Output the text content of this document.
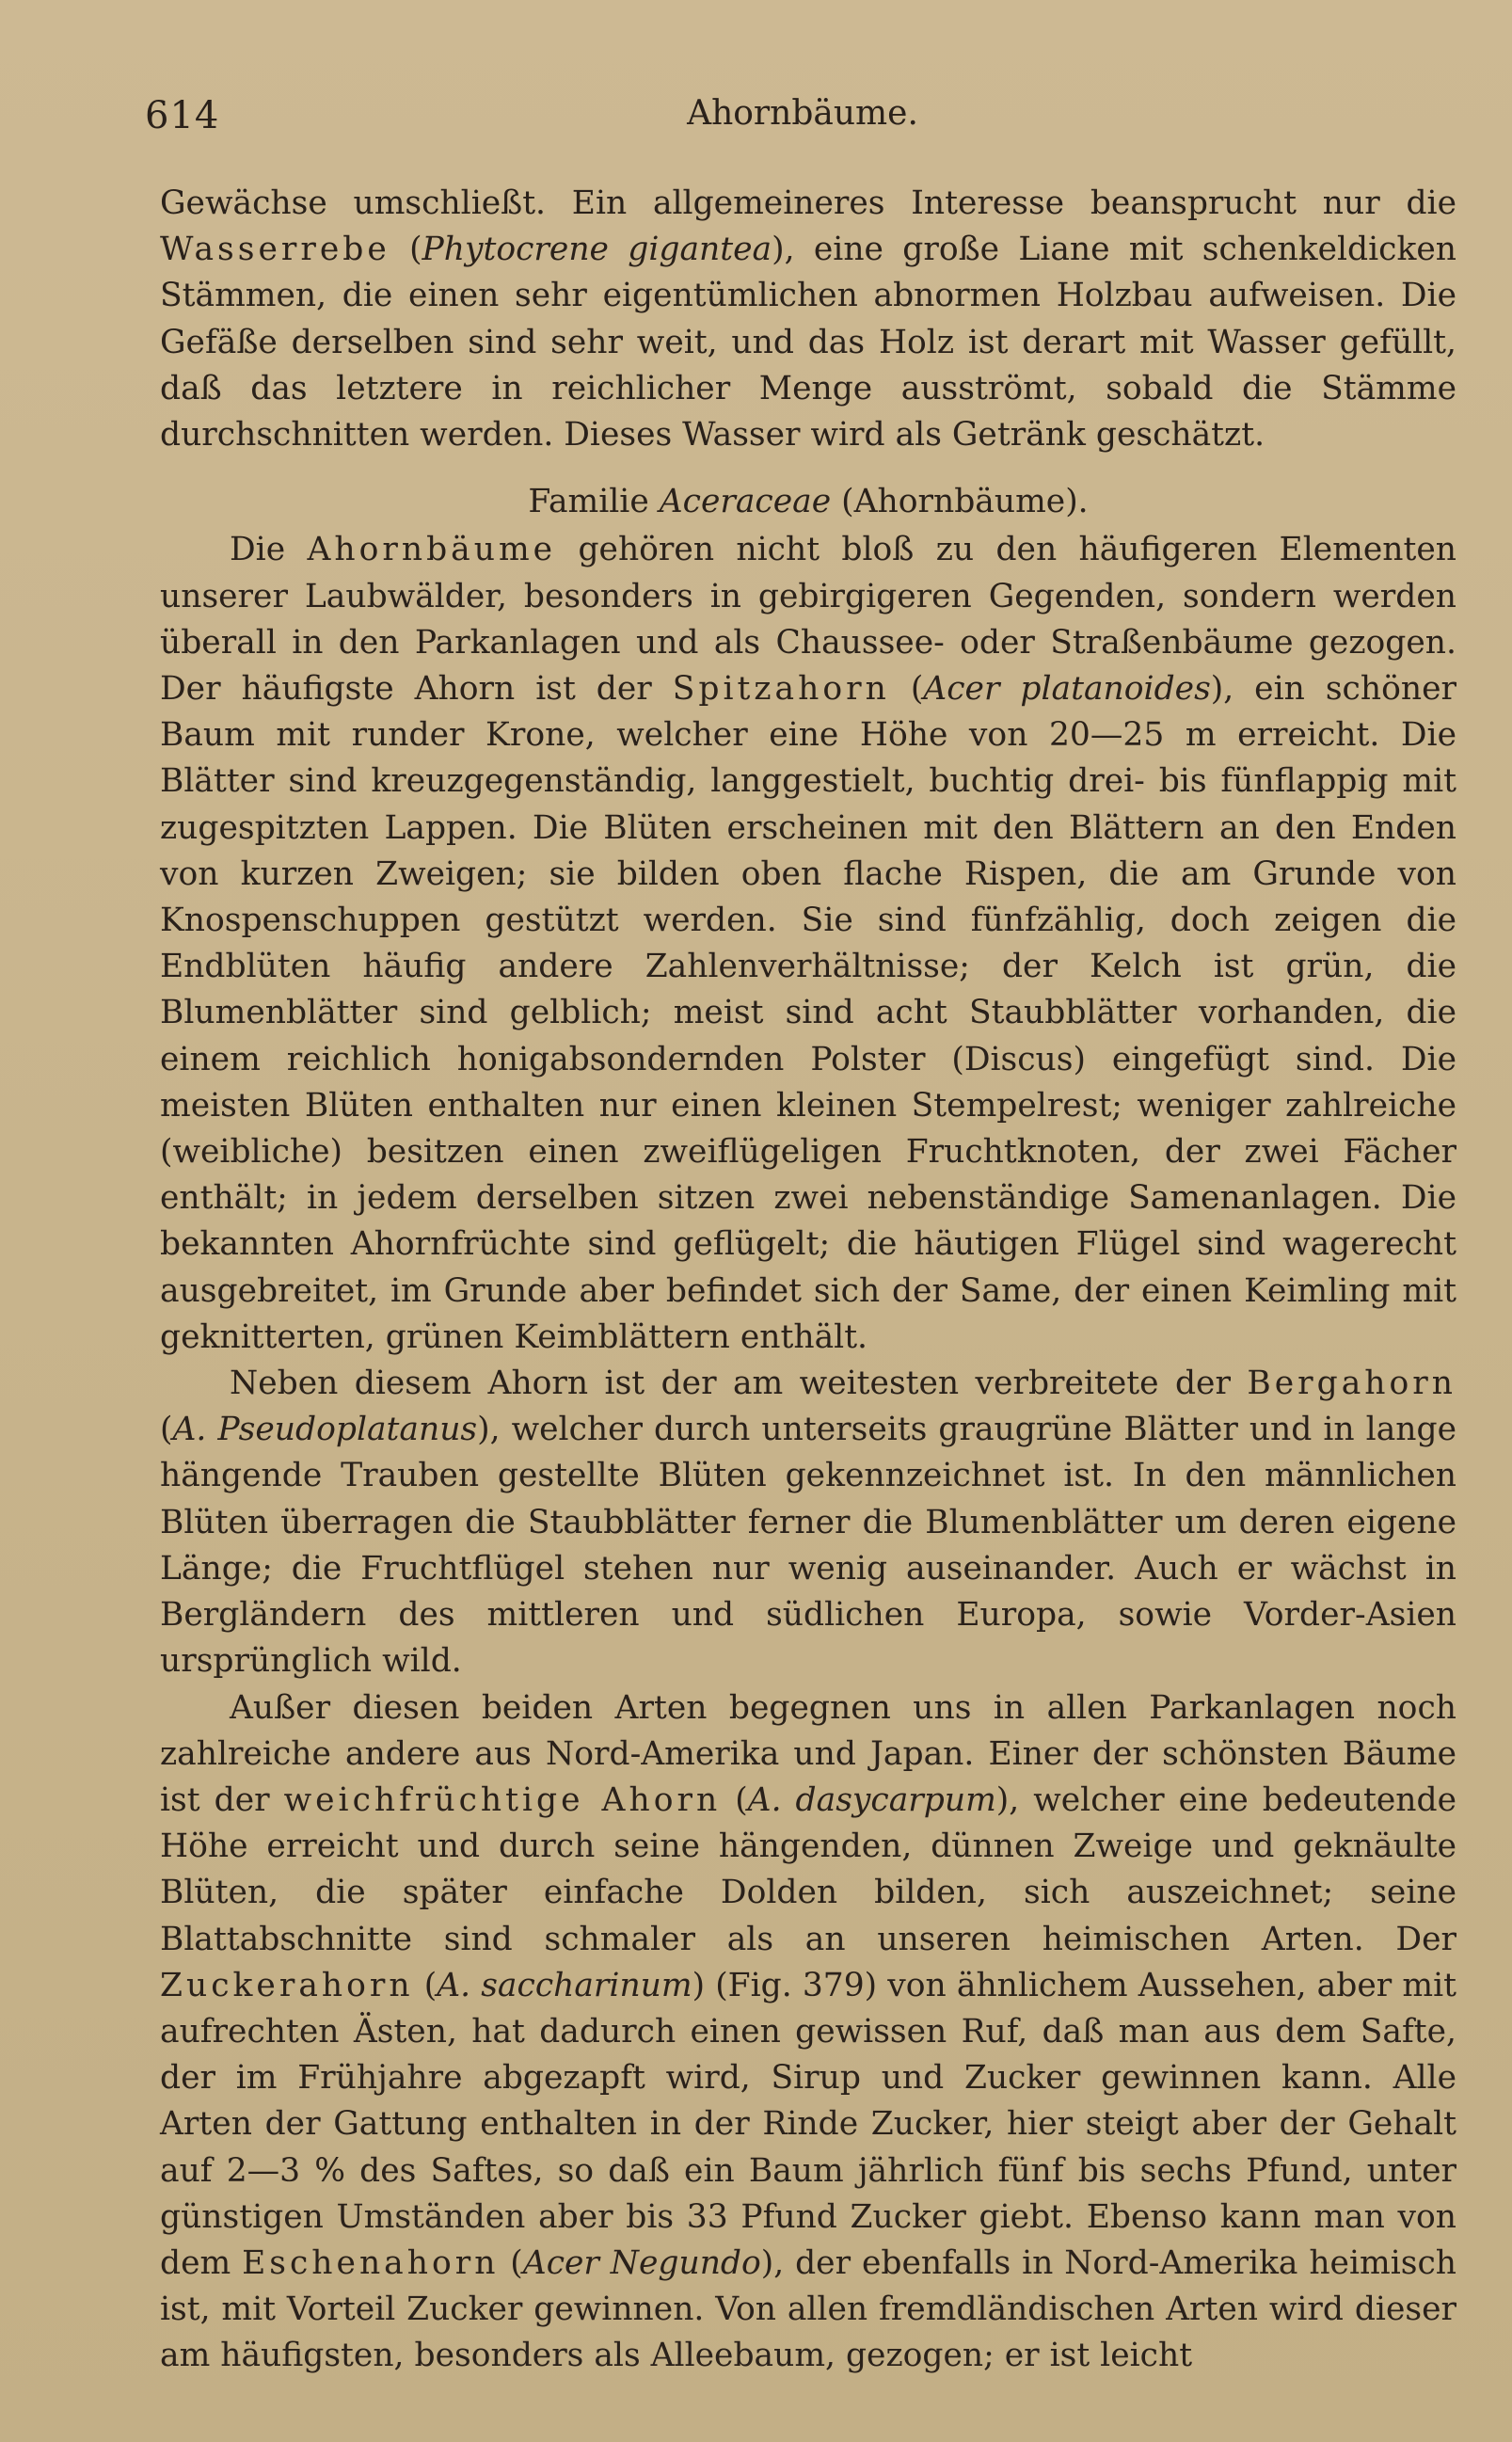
614	Ahornbäume.

Gewächse umschließt. Ein allgemeineres Interesse beansprucht nur die Wasserrebe (Phytocrene gigantea), eine große Liane mit schenkeldicken Stämmen, die einen sehr eigentümlichen abnormen Holzbau aufweisen. Die Gefäße derselben sind sehr weit, und das Holz ist derart mit Wasser gefüllt, daß das letztere in reichlicher Menge ausströmt, sobald die Stämme durchschnitten werden. Dieses Wasser wird als Getränk geschätzt.

Familie Aceraceae (Ahornbäume).

Die Ahornbäume gehören nicht bloß zu den häufigeren Elementen unserer Laubwälder, besonders in gebirgigeren Gegenden, sondern werden überall in den Parkanlagen und als Chaussee- oder Straßenbäume gezogen. Der häufigste Ahorn ist der Spitzahorn (Acer platanoides), ein schöner Baum mit runder Krone, welcher eine Höhe von 20—25 m erreicht. Die Blätter sind kreuzgegenständig, langgestielt, buchtig drei- bis fünflappig mit zugespitzten Lappen. Die Blüten erscheinen mit den Blättern an den Enden von kurzen Zweigen; sie bilden oben flache Rispen, die am Grunde von Knospenschuppen gestützt werden. Sie sind fünfzählig, doch zeigen die Endblüten häufig andere Zahlenverhältnisse; der Kelch ist grün, die Blumenblätter sind gelblich; meist sind acht Staubblätter vorhanden, die einem reichlich honigabsondernden Polster (Discus) eingefügt sind. Die meisten Blüten enthalten nur einen kleinen Stempelrest; weniger zahlreiche (weibliche) besitzen einen zweiflügeligen Fruchtknoten, der zwei Fächer enthält; in jedem derselben sitzen zwei nebenständige Samenanlagen. Die bekannten Ahornfrüchte sind geflügelt; die häutigen Flügel sind wagerecht ausgebreitet, im Grunde aber befindet sich der Same, der einen Keimling mit geknitterten, grünen Keimblättern enthält.

Neben diesem Ahorn ist der am weitesten verbreitete der Bergahorn (A. Pseudoplatanus), welcher durch unterseits graugrüne Blätter und in lange hängende Trauben gestellte Blüten gekennzeichnet ist. In den männlichen Blüten überragen die Staubblätter ferner die Blumenblätter um deren eigene Länge; die Fruchtflügel stehen nur wenig auseinander. Auch er wächst in Bergländern des mittleren und südlichen Europa, sowie Vorder-Asien ursprünglich wild.

Außer diesen beiden Arten begegnen uns in allen Parkanlagen noch zahlreiche andere aus Nord-Amerika und Japan. Einer der schönsten Bäume ist der weichfrüchtige Ahorn (A. dasycarpum), welcher eine bedeutende Höhe erreicht und durch seine hängenden, dünnen Zweige und geknäulte Blüten, die später einfache Dolden bilden, sich auszeichnet; seine Blattabschnitte sind schmaler als an unseren heimischen Arten. Der Zuckerahorn (A. saccharinum) (Fig. 379) von ähnlichem Aussehen, aber mit aufrechten Ästen, hat dadurch einen gewissen Ruf, daß man aus dem Safte, der im Frühjahre abgezapft wird, Sirup und Zucker gewinnen kann. Alle Arten der Gattung enthalten in der Rinde Zucker, hier steigt aber der Gehalt auf 2—3 % des Saftes, so daß ein Baum jährlich fünf bis sechs Pfund, unter günstigen Umständen aber bis 33 Pfund Zucker giebt. Ebenso kann man von dem Eschenahorn (Acer Negundo), der ebenfalls in Nord-Amerika heimisch ist, mit Vorteil Zucker gewinnen. Von allen fremdländischen Arten wird dieser am häufigsten, besonders als Alleebaum, gezogen; er ist leicht
